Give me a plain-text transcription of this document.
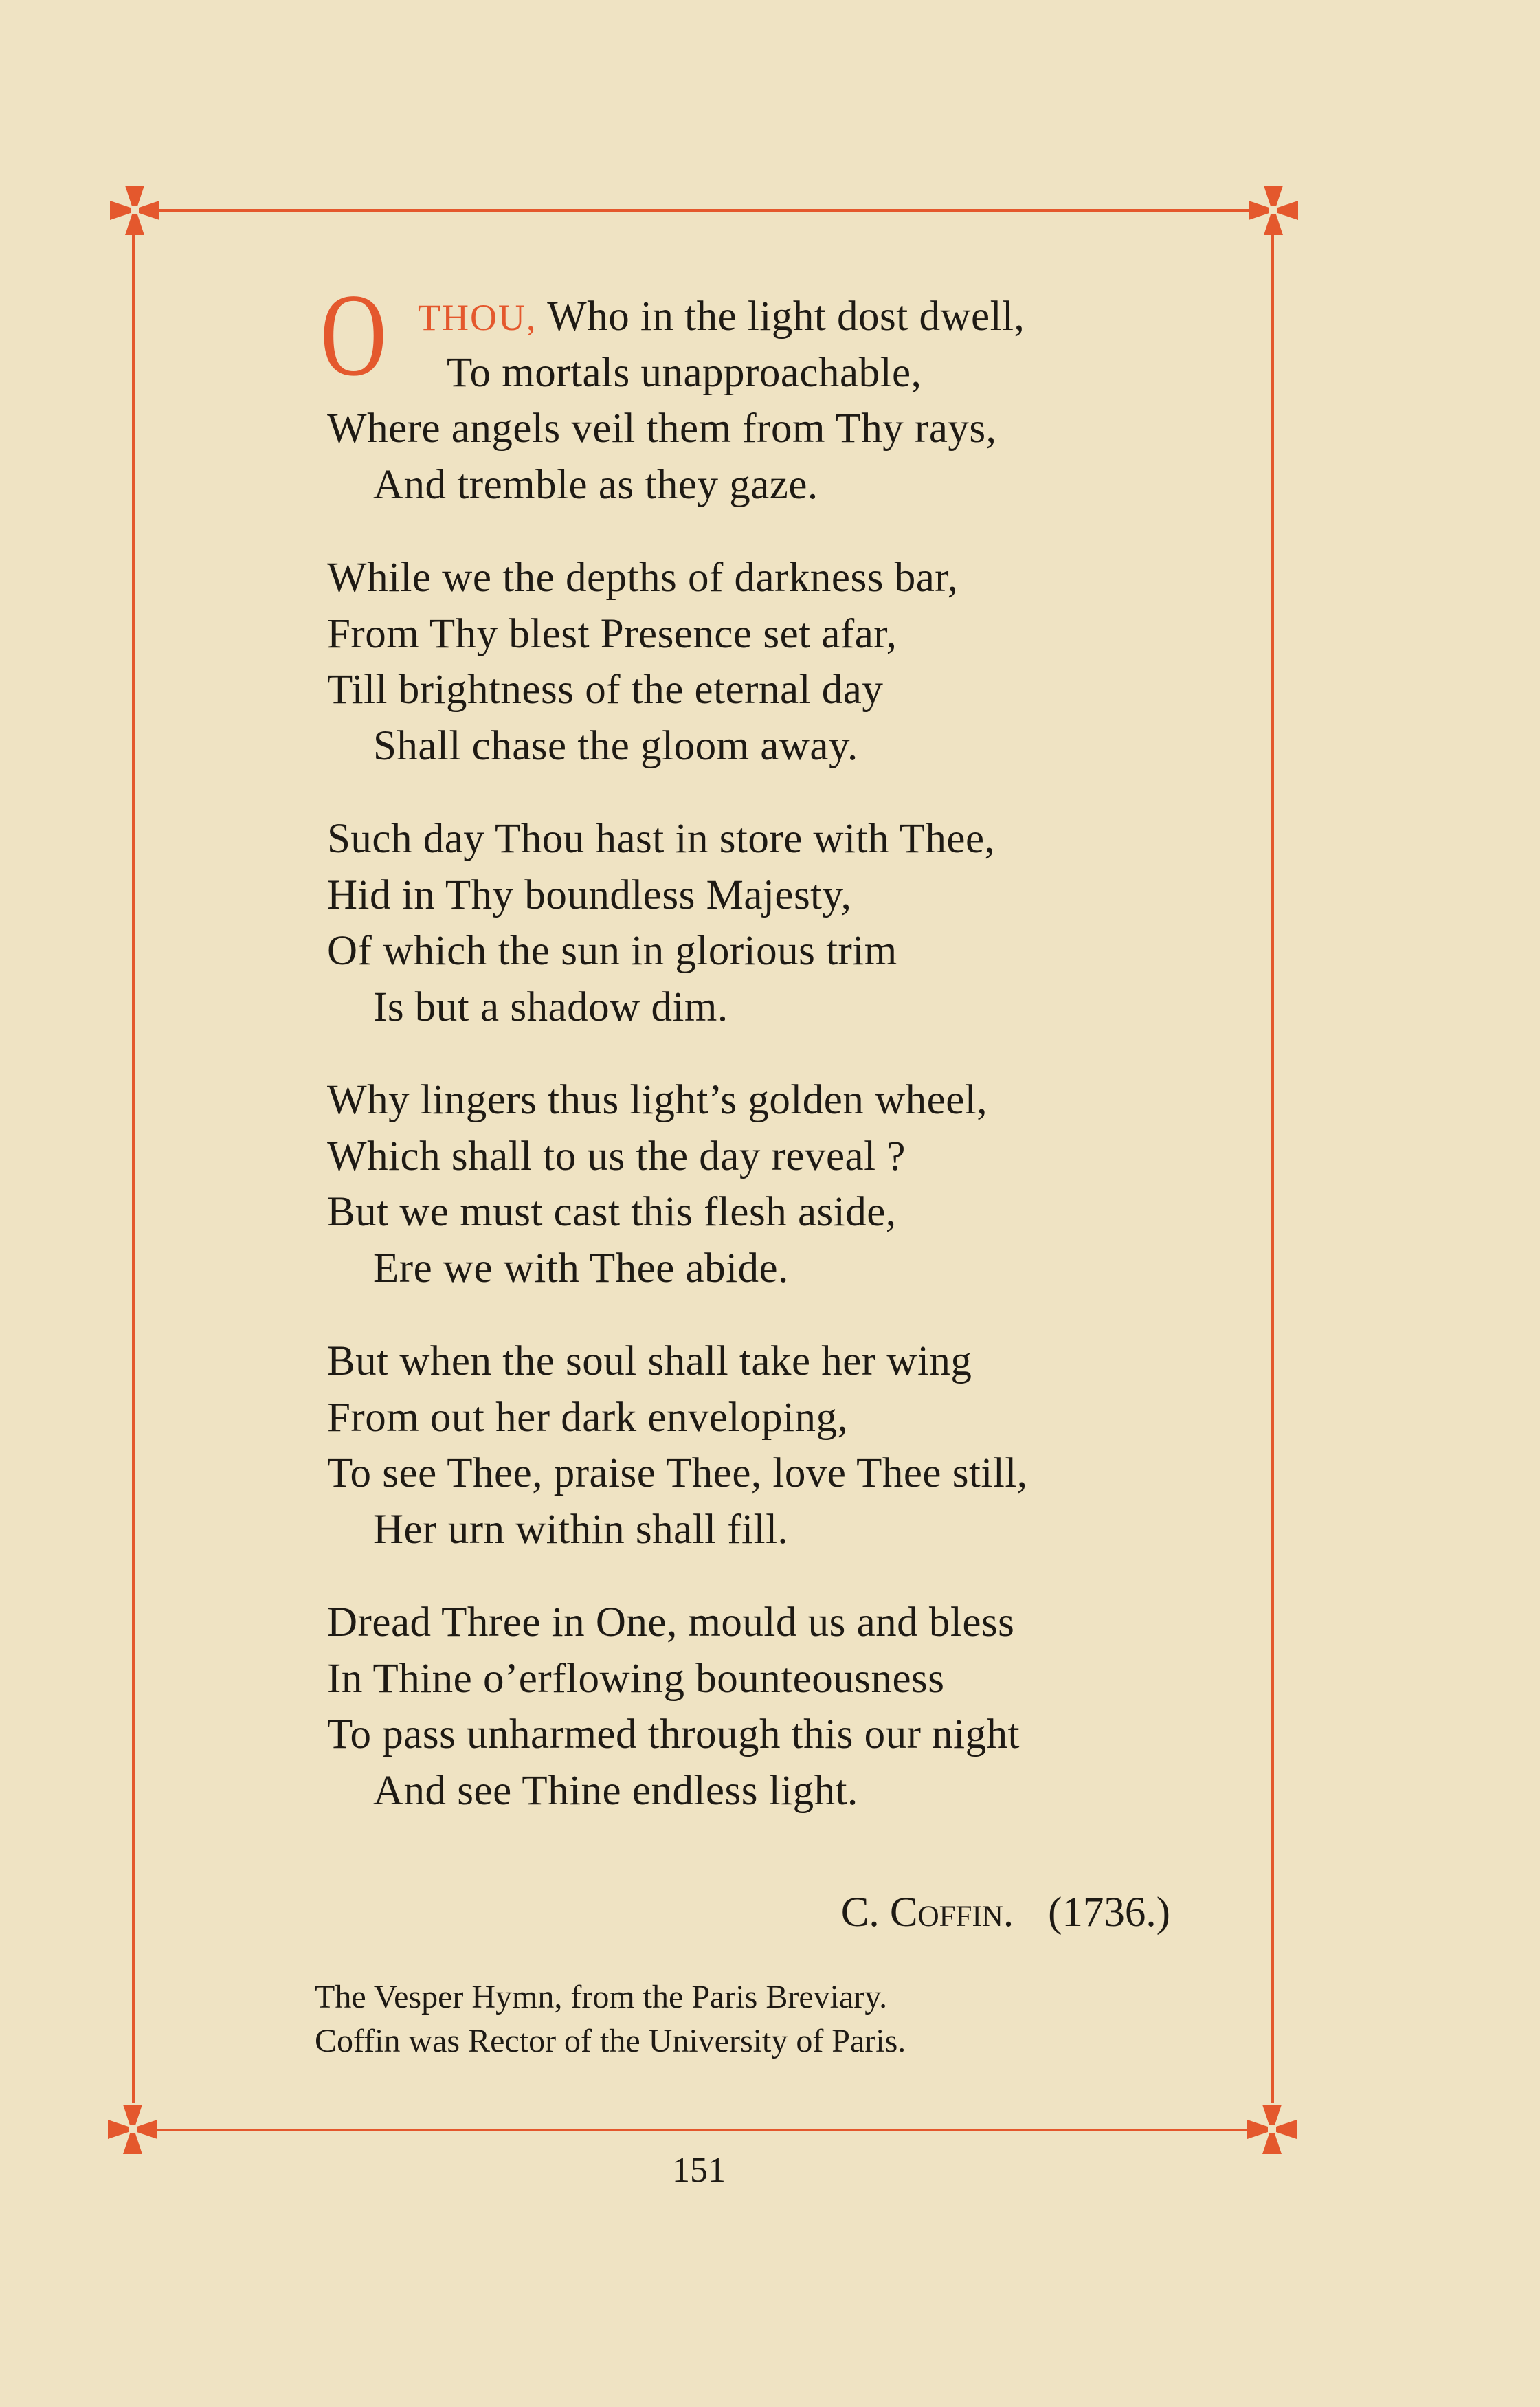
O THOU, Who in the light dost dwell,
To mortals unapproachable,
Where angels veil them from Thy rays,
And tremble as they gaze.
While we the depths of darkness bar,
From Thy blest Presence set afar,
Till brightness of the eternal day
Shall chase the gloom away.
Such day Thou hast in store with Thee,
Hid in Thy boundless Majesty,
Of which the sun in glorious trim
Is but a shadow dim.
Why lingers thus light’s golden wheel,
Which shall to us the day reveal ?
But we must cast this flesh aside,
Ere we with Thee abide.
But when the soul shall take her wing
From out her dark enveloping,
To see Thee, praise Thee, love Thee still,
Her urn within shall fill.
Dread Three in One, mould us and bless
In Thine o’erflowing bounteousness
To pass unharmed through this our night
And see Thine endless light.
C. Coffin. (1736.)
The Vesper Hymn, from the Paris Breviary.
Coffin was Rector of the University of Paris.
151
